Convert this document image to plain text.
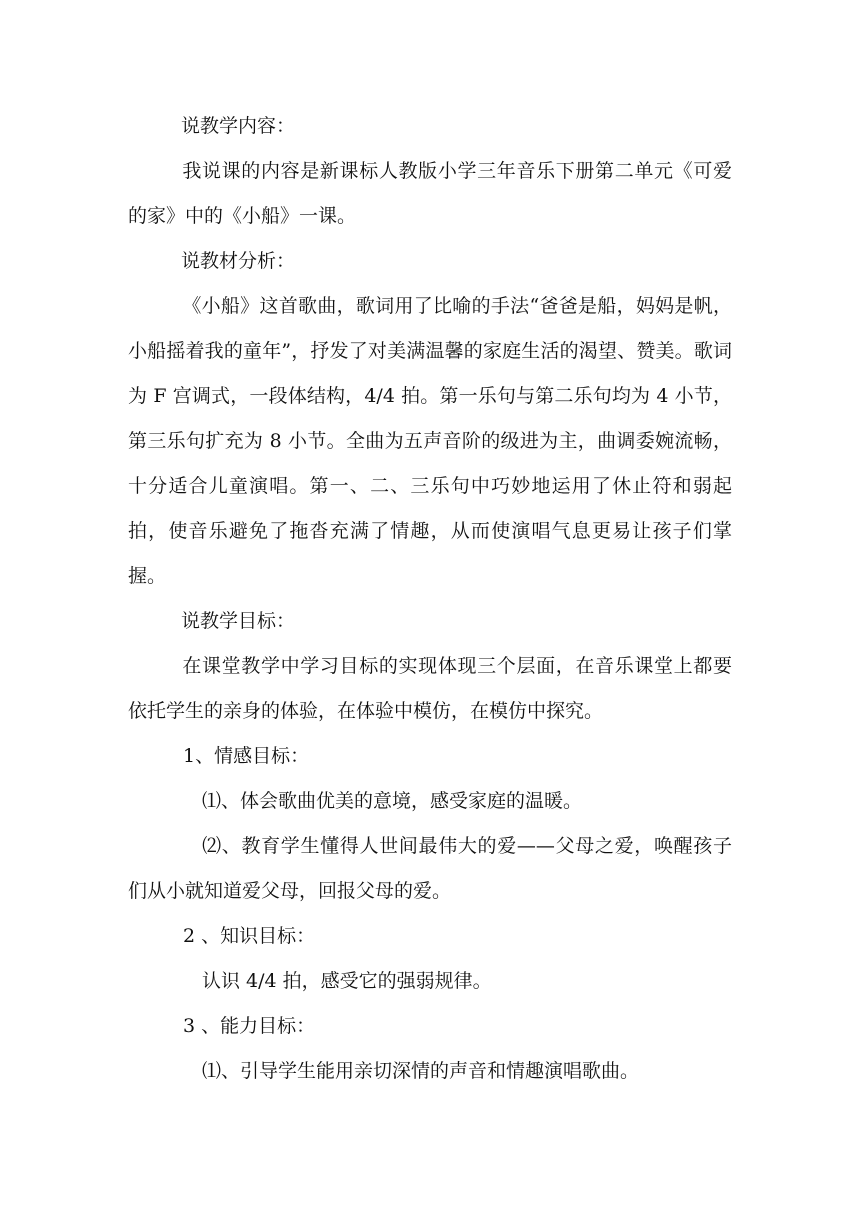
说教学内容：

我说课的内容是新课标人教版小学三年音乐下册第二单元《可爱的家》中的《小船》一课。

说教材分析：

《小船》这首歌曲，歌词用了比喻的手法“爸爸是船，妈妈是帆，小船摇着我的童年”，抒发了对美满温馨的家庭生活的渴望、赞美。歌词为 F 宫调式，一段体结构，4/4 拍。第一乐句与第二乐句均为 4 小节，第三乐句扩充为 8 小节。全曲为五声音阶的级进为主，曲调委婉流畅，十分适合儿童演唱。第一、二、三乐句中巧妙地运用了休止符和弱起拍，使音乐避免了拖沓充满了情趣，从而使演唱气息更易让孩子们掌握。

说教学目标：

在课堂教学中学习目标的实现体现三个层面，在音乐课堂上都要依托学生的亲身的体验，在体验中模仿，在模仿中探究。

1、情感目标：

⑴、体会歌曲优美的意境，感受家庭的温暖。

⑵、教育学生懂得人世间最伟大的爱——父母之爱，唤醒孩子们从小就知道爱父母，回报父母的爱。

2 、知识目标：

认识 4/4 拍，感受它的强弱规律。

3 、能力目标：

⑴、引导学生能用亲切深情的声音和情趣演唱歌曲。
